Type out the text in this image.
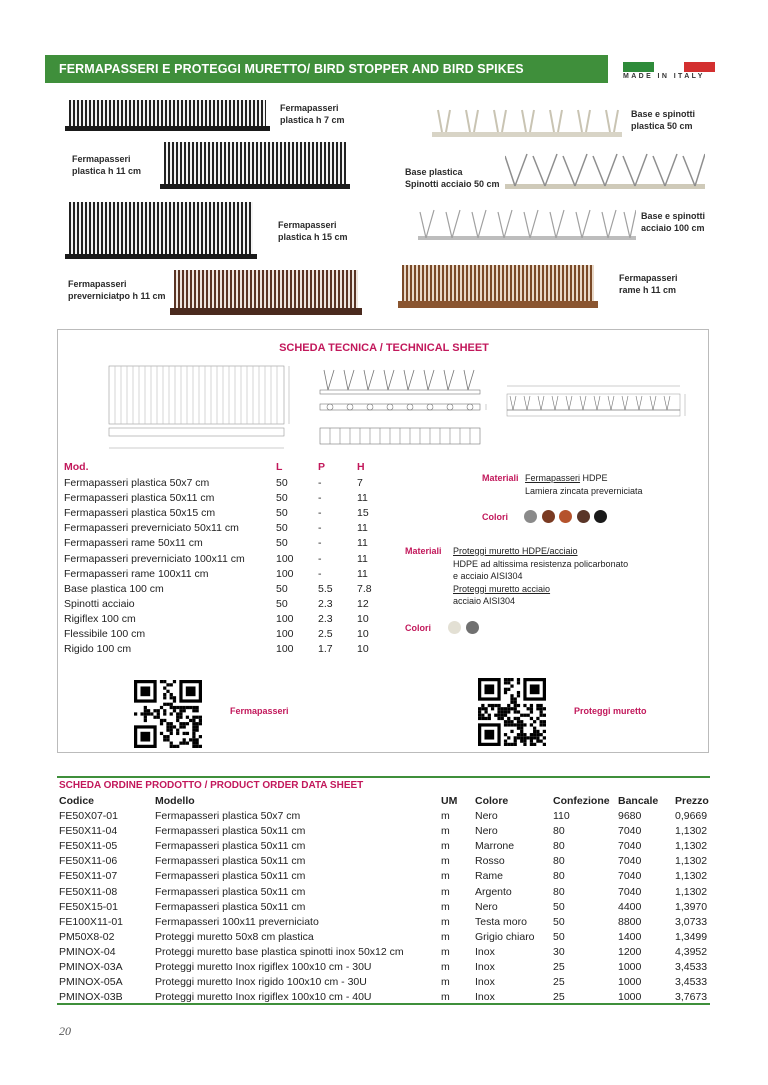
FERMAPASSERI E PROTEGGI MURETTO/ BIRD STOPPER AND BIRD SPIKES
MADE IN ITALY
Fermapasseri
plastica h 7 cm
Fermapasseri
plastica h 11 cm
Fermapasseri
plastica h 15 cm
Fermapasseri
preverniciatpo h 11 cm
Base e spinotti
plastica 50 cm
Base plastica
Spinotti acciaio 50 cm
Base e spinotti
acciaio 100 cm
Fermapasseri
rame h 11 cm
SCHEDA TECNICA / TECHNICAL SHEET
Mod.	L	P	H
Fermapasseri plastica 50x7 cm	50	-	7
Fermapasseri plastica 50x11 cm	50	-	11
Fermapasseri plastica 50x15 cm	50	-	15
Fermapasseri preverniciato 50x11 cm	50	-	11
Fermapasseri rame 50x11 cm	50	-	11
Fermapasseri preverniciato 100x11 cm	100 -	11
Fermapasseri rame 100x11 cm	100 -	11
Base plastica 100 cm	50	5.5 7.8
Spinotti acciaio	50	2.3 12
Rigiflex 100 cm	100 2.3 10
Flessibile 100 cm	100 2.5 10
Rigido 100 cm	100 1.7 10
Materiali Fermapasseri HDPE
Lamiera zincata preverniciata
Colori
Materiali Proteggi muretto HDPE/acciaio
HDPE ad altissima resistenza policarbonato
e acciaio AISI304
Proteggi muretto acciaio
acciaio AISI304
Colori
Fermapasseri	Proteggi muretto
SCHEDA ORDINE PRODOTTO / PRODUCT ORDER DATA SHEET
Codice	Modello	UM Colore	Confezione Bancale Prezzo
FE50X07-01	Fermapasseri plastica 50x7 cm	m Nero	110	9680	0,9669
FE50X11-04	Fermapasseri plastica 50x11 cm	m Nero	80	7040	1,1302
FE50X11-05	Fermapasseri plastica 50x11 cm	m Marrone	80	7040	1,1302
FE50X11-06	Fermapasseri plastica 50x11 cm	m Rosso	80	7040	1,1302
FE50X11-07	Fermapasseri plastica 50x11 cm	m Rame	80	7040	1,1302
FE50X11-08	Fermapasseri plastica 50x11 cm	m Argento	80	7040	1,1302
FE50X15-01	Fermapasseri plastica 50x11 cm	m Nero	50	4400	1,3970
FE100X11-01	Fermapasseri 100x11 preverniciato	m Testa moro 50	8800	3,0733
PM50X8-02	Proteggi muretto 50x8 cm plastica	m Grigio chiaro 50	1400	1,3499
PMINOX-04	Proteggi muretto base plastica spinotti inox 50x12 cm	m Inox	30	1200	4,3952
PMINOX-03A	Proteggi muretto Inox rigiflex 100x10 cm - 30U	m Inox	25	1000	3,4533
PMINOX-05A	Proteggi muretto Inox rigido 100x10 cm - 30U	m Inox	25	1000	3,4533
PMINOX-03B	Proteggi muretto Inox rigiflex 100x10 cm - 40U	m Inox	25	1000	3,7673
20
